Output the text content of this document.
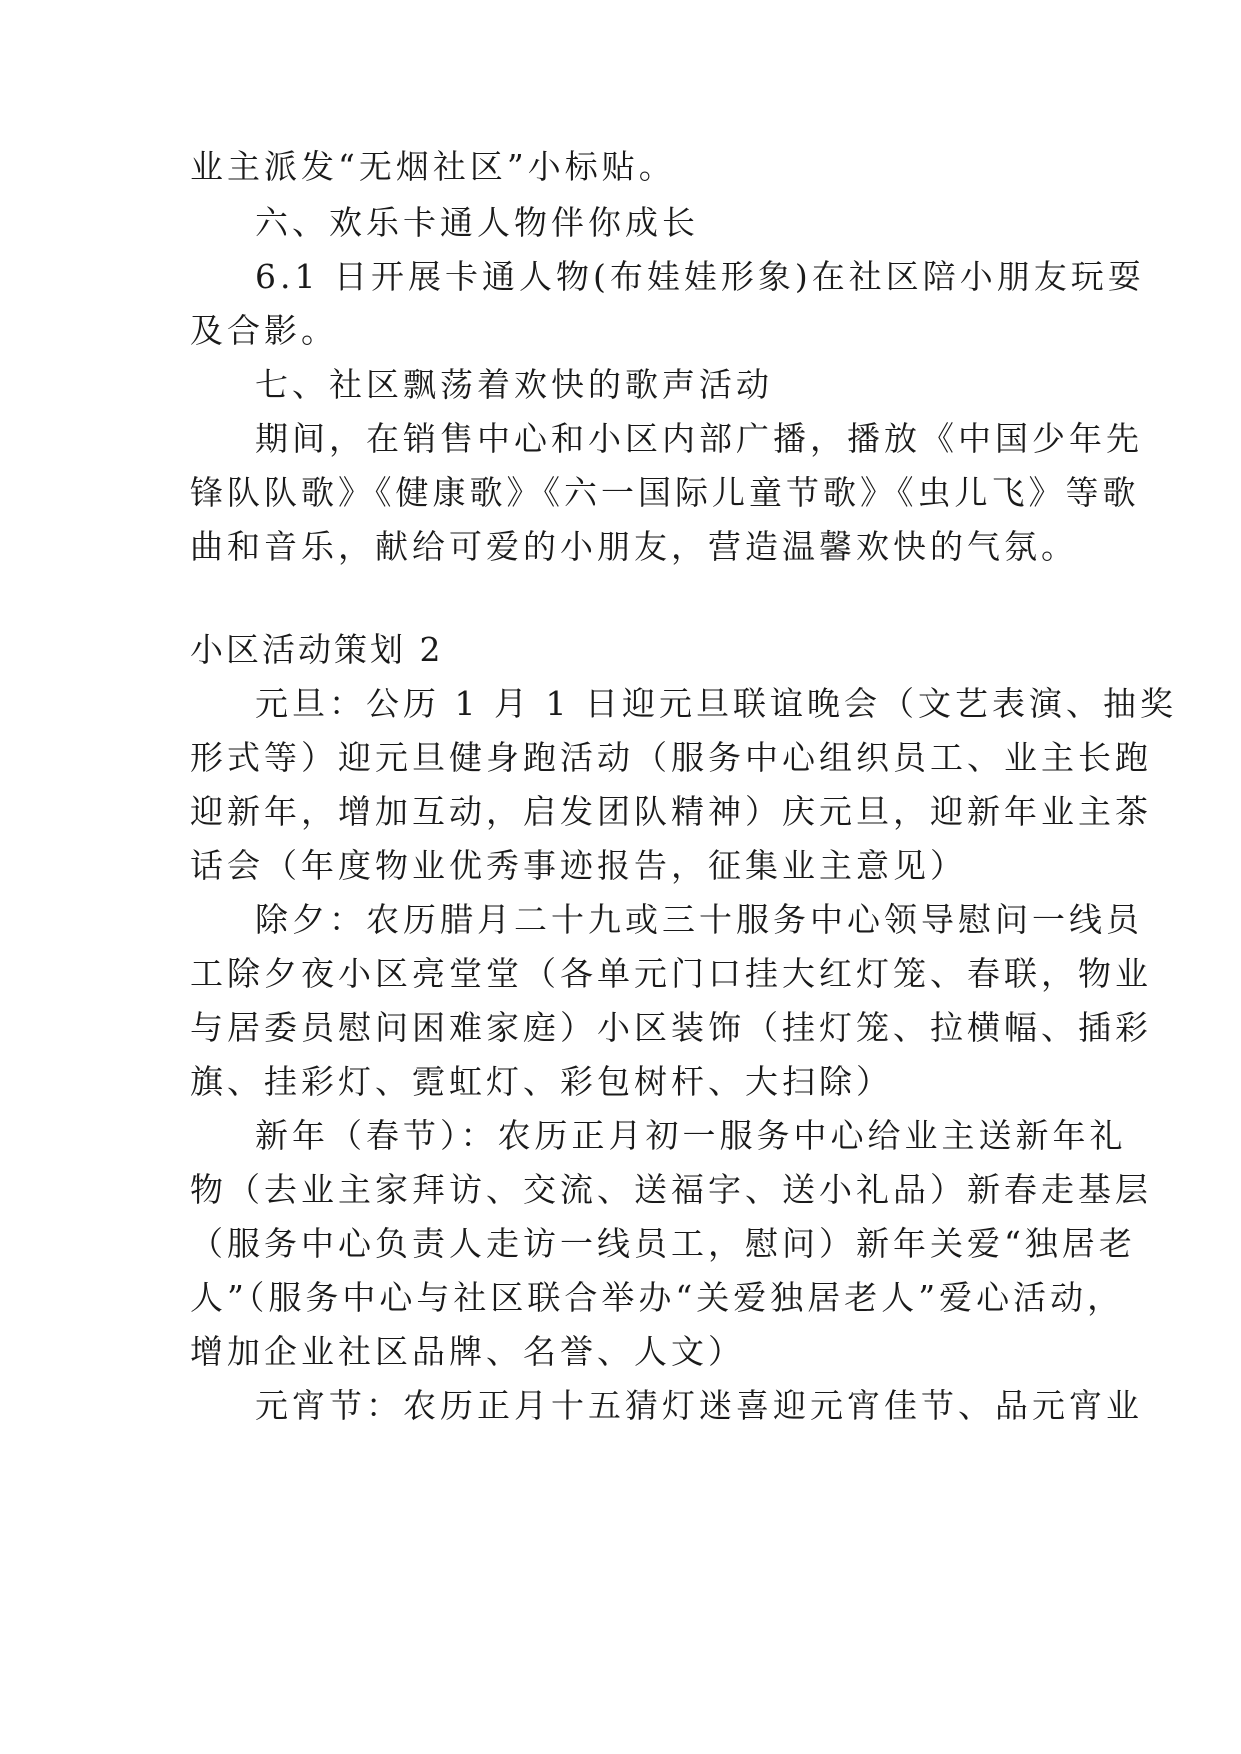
业主派发“无烟社区”小标贴。
六、欢乐卡通人物伴你成长
6.1 日开展卡通人物(布娃娃形象)在社区陪小朋友玩耍
及合影。
七、社区飘荡着欢快的歌声活动
期间，在销售中心和小区内部广播，播放《中国少年先
锋队队歌》《健康歌》《六一国际儿童节歌》《虫儿飞》等歌
曲和音乐，献给可爱的小朋友，营造温馨欢快的气氛。
小区活动策划 2
元旦：公历 1 月 1 日迎元旦联谊晚会（文艺表演、抽奖
形式等）迎元旦健身跑活动（服务中心组织员工、业主长跑
迎新年，增加互动，启发团队精神）庆元旦，迎新年业主茶
话会（年度物业优秀事迹报告，征集业主意见）
除夕：农历腊月二十九或三十服务中心领导慰问一线员
工除夕夜小区亮堂堂（各单元门口挂大红灯笼、春联，物业
与居委员慰问困难家庭）小区装饰（挂灯笼、拉横幅、插彩
旗、挂彩灯、霓虹灯、彩包树杆、大扫除）
新年（春节）：农历正月初一服务中心给业主送新年礼
物（去业主家拜访、交流、送福字、送小礼品）新春走基层
（服务中心负责人走访一线员工，慰问）新年关爱“独居老
人”（服务中心与社区联合举办“关爱独居老人”爱心活动，
增加企业社区品牌、名誉、人文）
元宵节：农历正月十五猜灯迷喜迎元宵佳节、品元宵业
